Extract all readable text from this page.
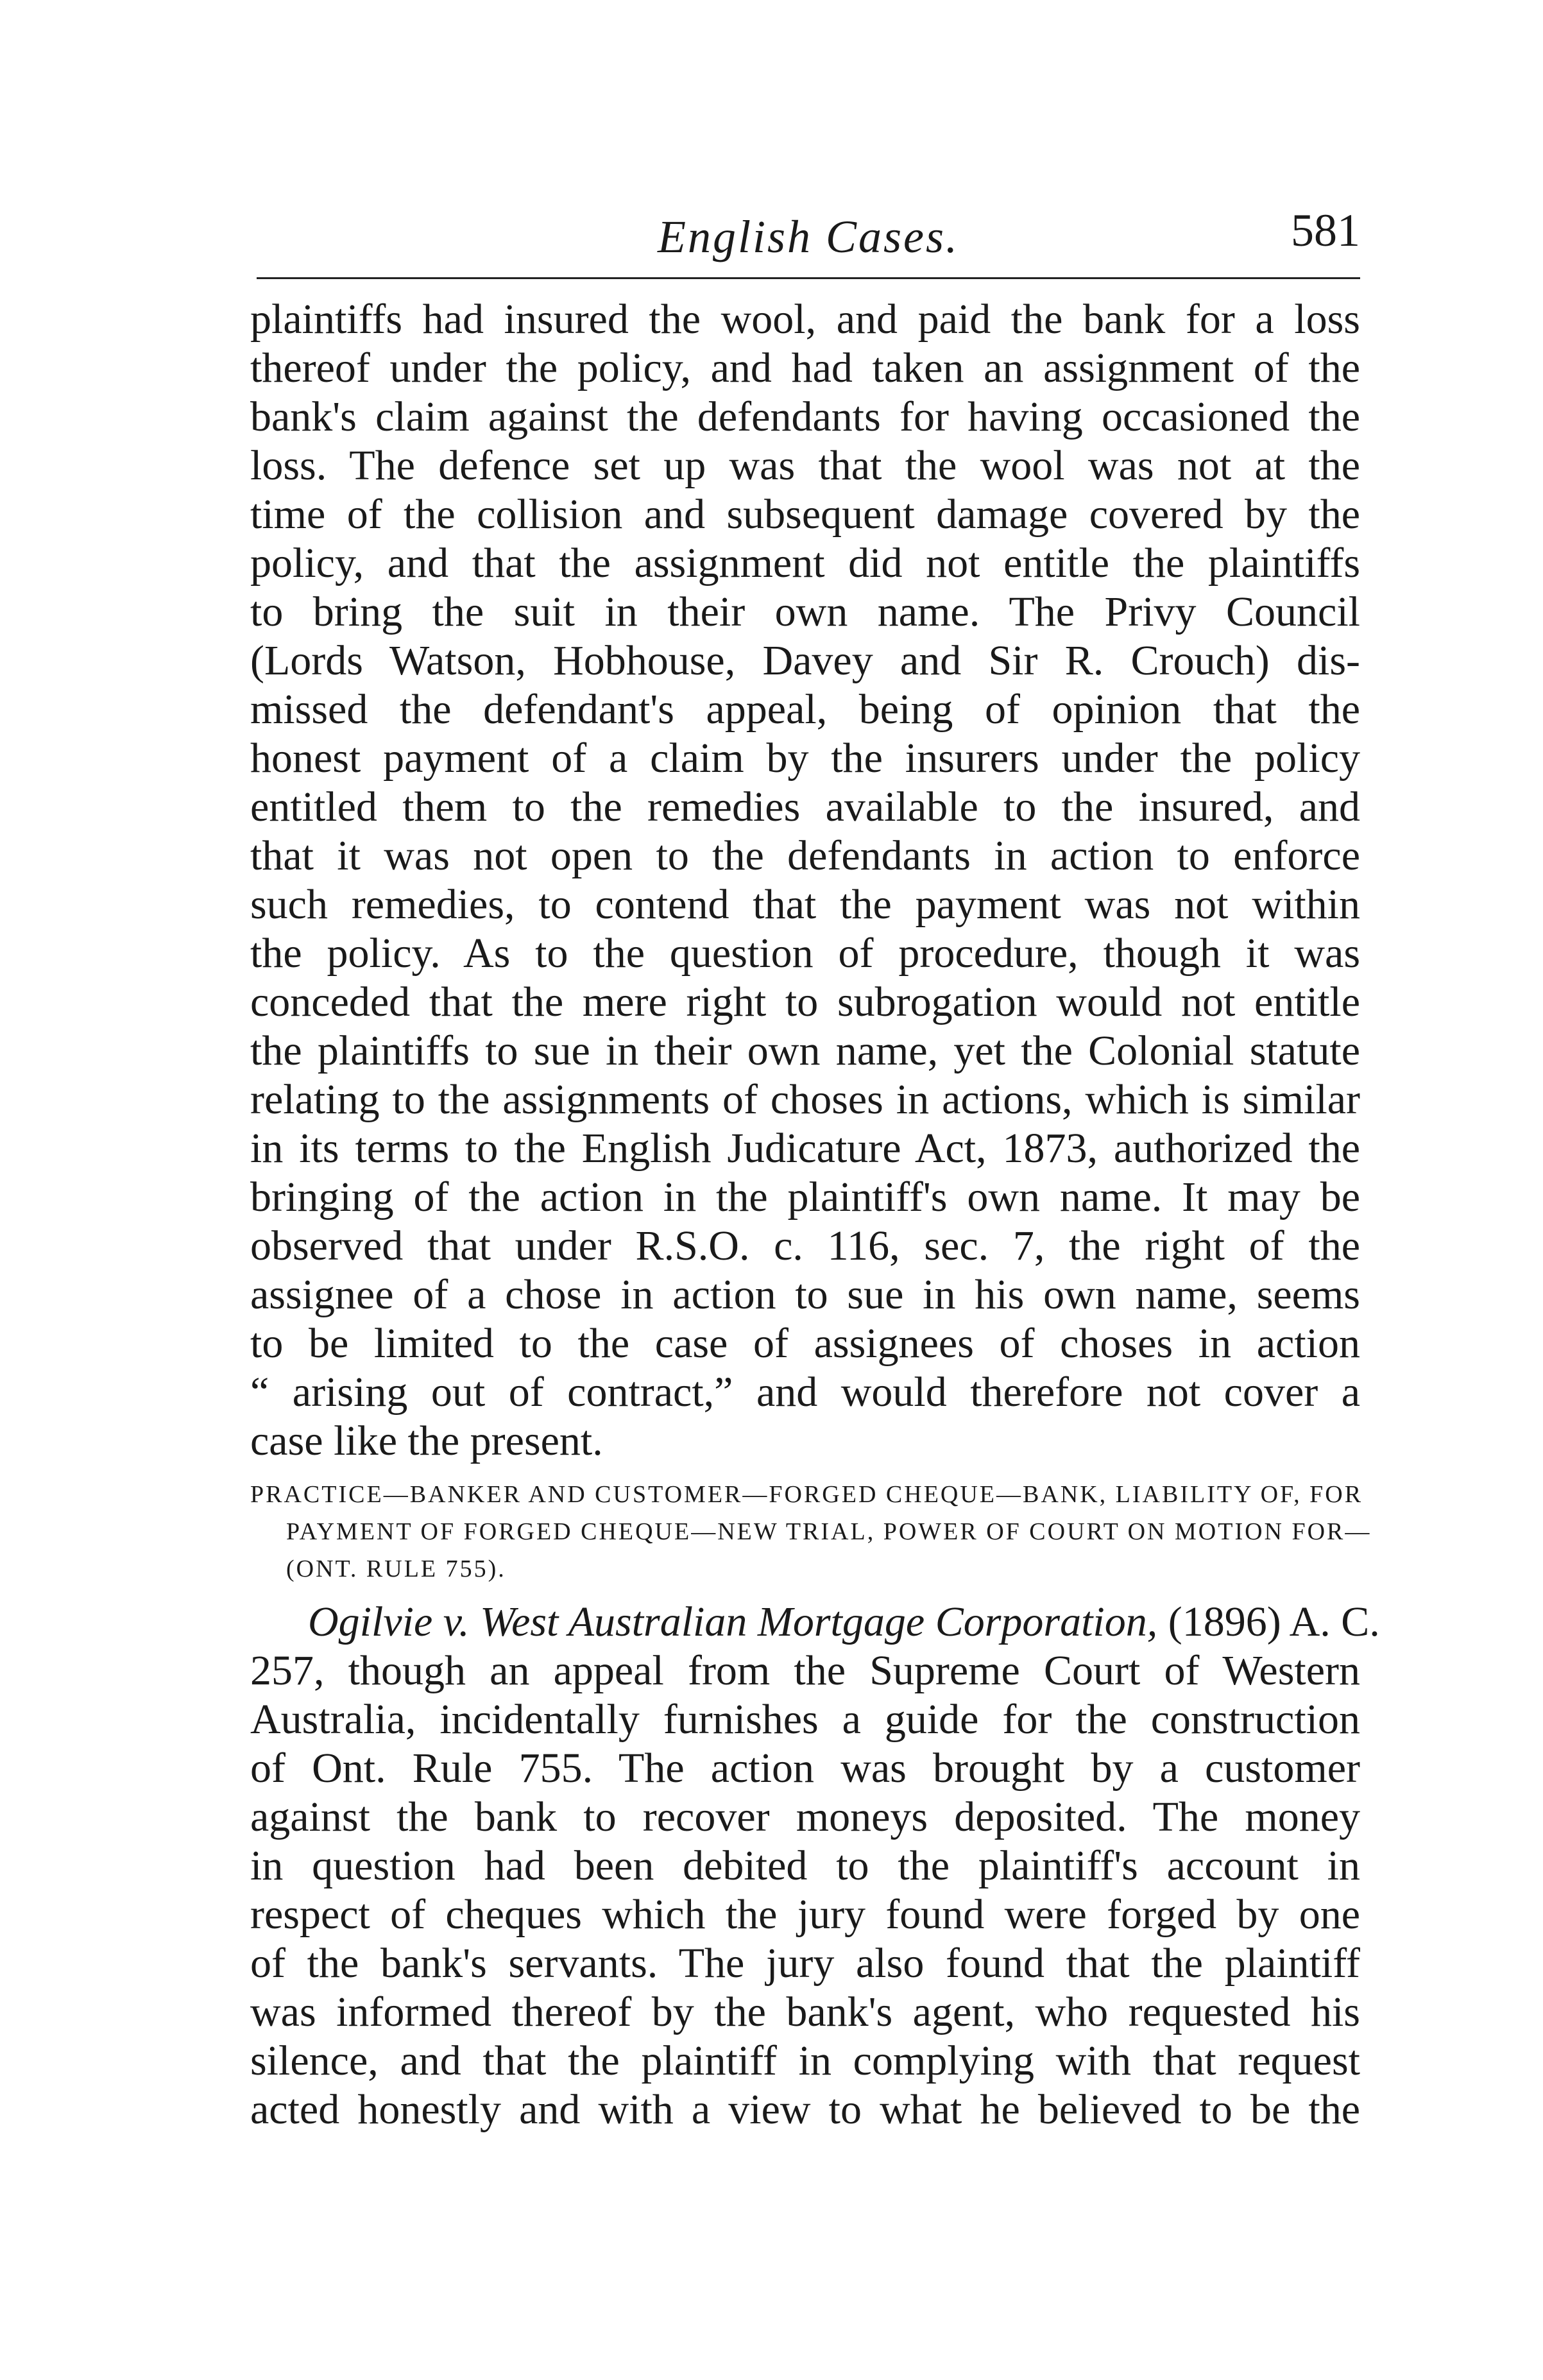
English Cases.	581
plaintiffs had insured the wool, and paid the bank for a loss
thereof under the policy, and had taken an assignment of the
bank's claim against the defendants for having occasioned the
loss. The defence set up was that the wool was not at the
time of the collision and subsequent damage covered by the
policy, and that the assignment did not entitle the plaintiffs
to bring the suit in their own name. The Privy Council
(Lords Watson, Hobhouse, Davey and Sir R. Crouch) dis-
missed the defendant's appeal, being of opinion that the
honest payment of a claim by the insurers under the policy
entitled them to the remedies available to the insured, and
that it was not open to the defendants in action to enforce
such remedies, to contend that the payment was not within
the policy. As to the question of procedure, though it was
conceded that the mere right to subrogation would not entitle
the plaintiffs to sue in their own name, yet the Colonial statute
relating to the assignments of choses in actions, which is similar
in its terms to the English Judicature Act, 1873, authorized the
bringing of the action in the plaintiff's own name. It may be
observed that under R.S.O. c. 116, sec. 7, the right of the
assignee of a chose in action to sue in his own name, seems
to be limited to the case of assignees of choses in action
“ arising out of contract,” and would therefore not cover a
case like the present.
PRACTICE—BANKER AND CUSTOMER—FORGED CHEQUE—BANK, LIABILITY OF, FOR
PAYMENT OF FORGED CHEQUE—NEW TRIAL, POWER OF COURT ON MOTION FOR—
(ONT. RULE 755).
Ogilvie v. West Australian Mortgage Corporation, (1896) A. C.
257, though an appeal from the Supreme Court of Western
Australia, incidentally furnishes a guide for the construction
of Ont. Rule 755. The action was brought by a customer
against the bank to recover moneys deposited. The money
in question had been debited to the plaintiff's account in
respect of cheques which the jury found were forged by one
of the bank's servants. The jury also found that the plaintiff
was informed thereof by the bank's agent, who requested his
silence, and that the plaintiff in complying with that request
acted honestly and with a view to what he believed to be the
